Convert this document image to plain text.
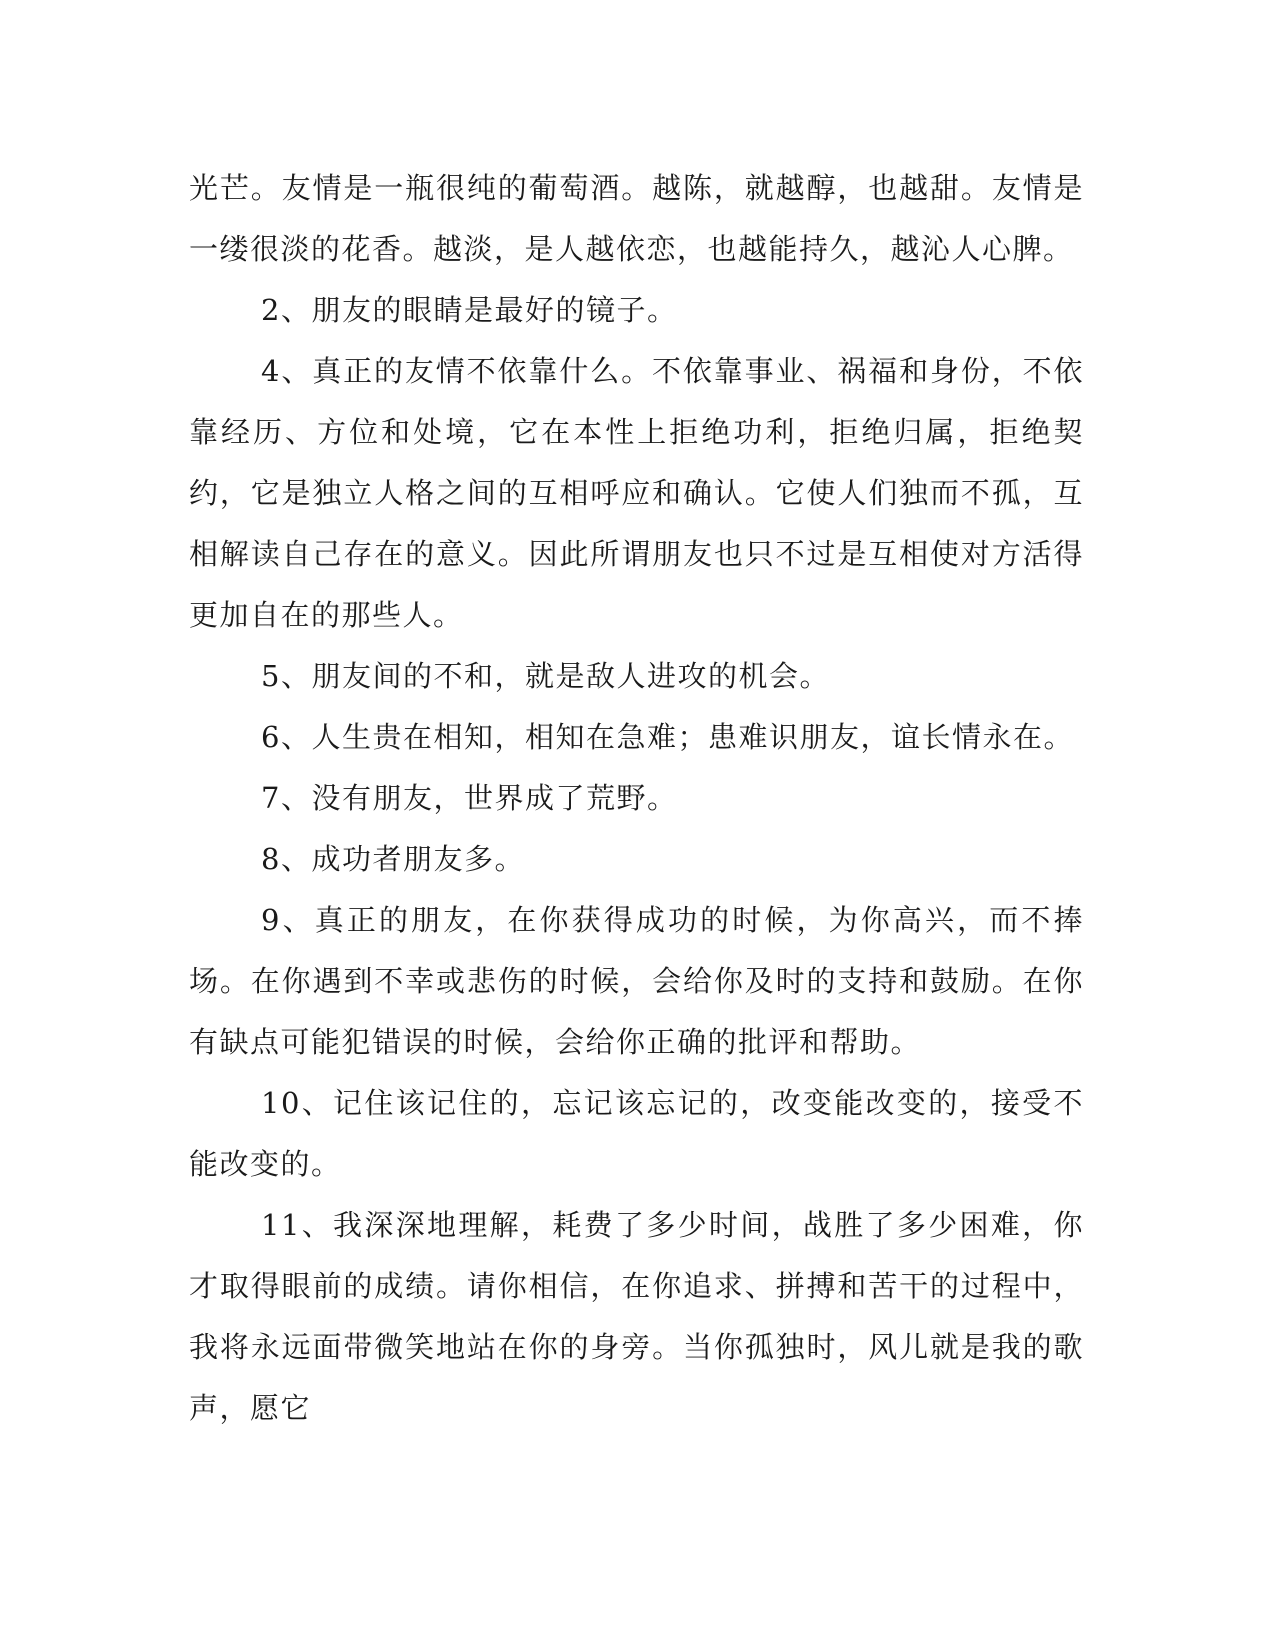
光芒。友情是一瓶很纯的葡萄酒。越陈，就越醇，也越甜。友情是一缕很淡的花香。越淡，是人越依恋，也越能持久，越沁人心脾。

2、朋友的眼睛是最好的镜子。

4、真正的友情不依靠什么。不依靠事业、祸福和身份，不依靠经历、方位和处境，它在本性上拒绝功利，拒绝归属，拒绝契约，它是独立人格之间的互相呼应和确认。它使人们独而不孤，互相解读自己存在的意义。因此所谓朋友也只不过是互相使对方活得更加自在的那些人。

5、朋友间的不和，就是敌人进攻的机会。

6、人生贵在相知，相知在急难；患难识朋友，谊长情永在。

7、没有朋友，世界成了荒野。

8、成功者朋友多。

9、真正的朋友，在你获得成功的时候，为你高兴，而不捧场。在你遇到不幸或悲伤的时候，会给你及时的支持和鼓励。在你有缺点可能犯错误的时候，会给你正确的批评和帮助。

10、记住该记住的，忘记该忘记的，改变能改变的，接受不能改变的。

11、我深深地理解，耗费了多少时间，战胜了多少困难，你才取得眼前的成绩。请你相信，在你追求、拼搏和苦干的过程中，我将永远面带微笑地站在你的身旁。当你孤独时，风儿就是我的歌声，愿它
